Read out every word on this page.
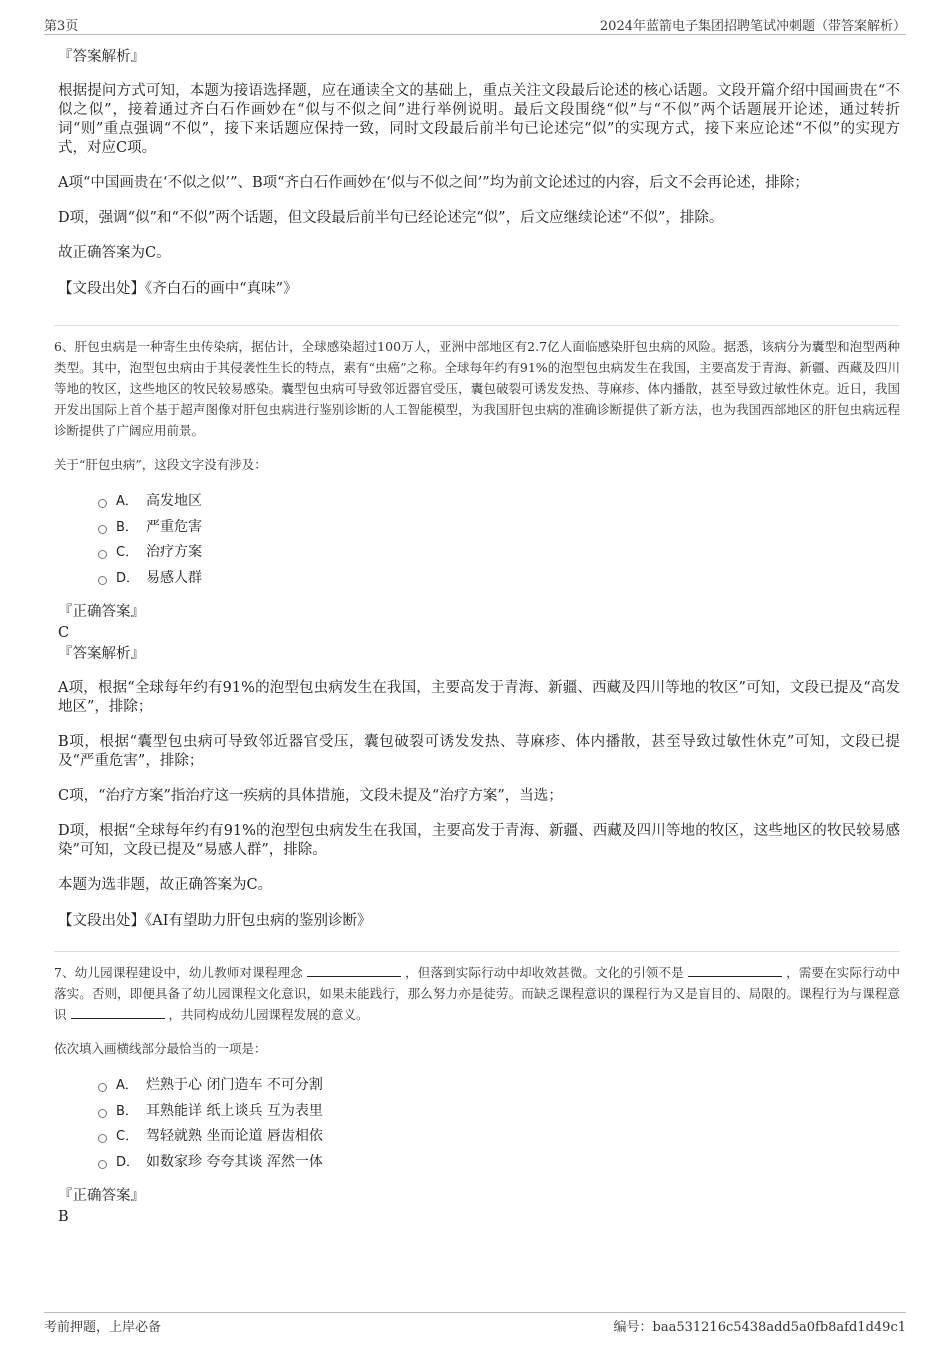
第3页	2024年蓝箭电子集团招聘笔试冲刺题（带答案解析）
『答案解析』

根据提问方式可知，本题为接语选择题，应在通读全文的基础上，重点关注文段最后论述的核心话题。文段开篇介绍中国画贵在“不似之似”，接着通过齐白石作画妙在“似与不似之间”进行举例说明。最后文段围绕“似”与“不似”两个话题展开论述，通过转折词“则”重点强调“不似”，接下来话题应保持一致，同时文段最后前半句已论述完“似”的实现方式，接下来应论述“不似”的实现方式，对应C项。

A项“中国画贵在‘不似之似’”、B项“齐白石作画妙在‘似与不似之间’”均为前文论述过的内容，后文不会再论述，排除；

D项，强调“似”和“不似”两个话题，但文段最后前半句已经论述完“似”，后文应继续论述“不似”，排除。

故正确答案为C。

【文段出处】《齐白石的画中“真味”》

6、肝包虫病是一种寄生虫传染病，据估计，全球感染超过100万人，亚洲中部地区有2.7亿人面临感染肝包虫病的风险。据悉，该病分为囊型和泡型两种类型。其中，泡型包虫病由于其侵袭性生长的特点，素有“虫癌”之称。全球每年约有91%的泡型包虫病发生在我国，主要高发于青海、新疆、西藏及四川等地的牧区，这些地区的牧民较易感染。囊型包虫病可导致邻近器官受压，囊包破裂可诱发发热、荨麻疹、体内播散，甚至导致过敏性休克。近日，我国开发出国际上首个基于超声图像对肝包虫病进行鉴别诊断的人工智能模型，为我国肝包虫病的准确诊断提供了新方法，也为我国西部地区的肝包虫病远程诊断提供了广阔应用前景。

关于“肝包虫病”，这段文字没有涉及：
A． 高发地区
B． 严重危害
C． 治疗方案
D． 易感人群
『正确答案』
C
『答案解析』

A项，根据“全球每年约有91%的泡型包虫病发生在我国，主要高发于青海、新疆、西藏及四川等地的牧区”可知，文段已提及“高发地区”，排除；

B项，根据“囊型包虫病可导致邻近器官受压，囊包破裂可诱发发热、荨麻疹、体内播散，甚至导致过敏性休克”可知，文段已提及“严重危害”，排除；

C项，“治疗方案”指治疗这一疾病的具体措施，文段未提及“治疗方案”，当选；

D项，根据“全球每年约有91%的泡型包虫病发生在我国，主要高发于青海、新疆、西藏及四川等地的牧区，这些地区的牧民较易感染”可知，文段已提及“易感人群”，排除。

本题为选非题，故正确答案为C。

【文段出处】《AI有望助力肝包虫病的鉴别诊断》

7、幼儿园课程建设中，幼儿教师对课程理念	，但落到实际行动中却收效甚微。文化的引领不是	，需要在实际行动中落实。否则，即便具备了幼儿园课程文化意识，如果未能践行，那么努力亦是徒劳。而缺乏课程意识的课程行为又是盲目的、局限的。课程行为与课程意识	，共同构成幼儿园课程发展的意义。

依次填入画横线部分最恰当的一项是：
A． 烂熟于心 闭门造车 不可分割
B． 耳熟能详 纸上谈兵 互为表里
C． 驾轻就熟 坐而论道 唇齿相依
D． 如数家珍 夸夸其谈 浑然一体
『正确答案』
B
考前押题，上岸必备	编号：baa531216c5438add5a0fb8afd1d49c1
